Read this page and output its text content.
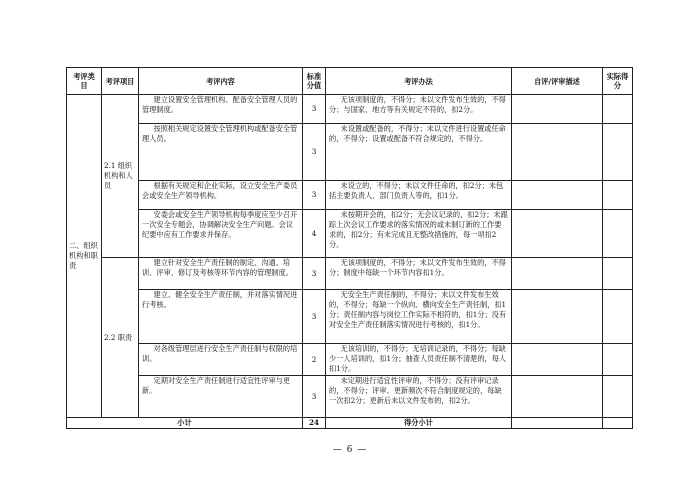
考评类目	考评项目	考评内容	标准分值	考评办法	自评/评审描述	实际得分
二、组织机构和职责	2.1 组织机构和人员	建立设置安全管理机构、配备安全管理人员的管理制度。	3	无该项制度的，不得分；未以文件发布生效的，不得分；与国家、地方等有关规定不符的，扣2分。		
		按照相关规定设置安全管理机构或配备安全管理人员。	3	未设置或配备的，不得分；未以文件进行设置或任命的，不得分；设置或配备不符合规定的，不得分。		
		根据有关规定和企业实际，设立安全生产委员会或安全生产领导机构。	3	未设立的，不得分；未以文件任命的，扣2分；未包括主要负责人、部门负责人等的，扣1分。		
		安委会或安全生产领导机构每季度应至少召开一次安全专题会，协调解决安全生产问题。会议纪要中应有工作要求并保存。	4	未按期开会的，扣2分；无会议记录的，扣2分；未跟踪上次会议工作要求的落实情况的或未制订新的工作要求的，扣2分；有未完成且无整改措施的，每一项扣2分。		
	2.2 职责	建立针对安全生产责任制的制定、沟通、培训、评审、修订及考核等环节内容的管理制度。	3	无该项制度的，不得分；未以文件发布生效的，不得分；制度中每缺一个环节内容扣1分。		
		建立、健全安全生产责任制，并对落实情况进行考核。	3	无安全生产责任制的，不得分；未以文件发布生效的，不得分；每缺一个纵向、横向安全生产责任制，扣1分；责任制内容与岗位工作实际不相符的，扣1分；没有对安全生产责任制落实情况进行考核的，扣1分。		
		对各级管理层进行安全生产责任制与权限的培训。	2	无该培训的，不得分；无培训记录的，不得分；每缺少一人培训的，扣1分；抽查人员责任制不清楚的，每人扣1分。		
		定期对安全生产责任制进行适宜性评审与更新。	3	未定期进行适宜性评审的，不得分；没有评审记录的，不得分；评审、更新频次不符合制度规定的，每缺一次扣2分；更新后未以文件发布的，扣2分。		
小计			24	得分小计		
— 6 —
